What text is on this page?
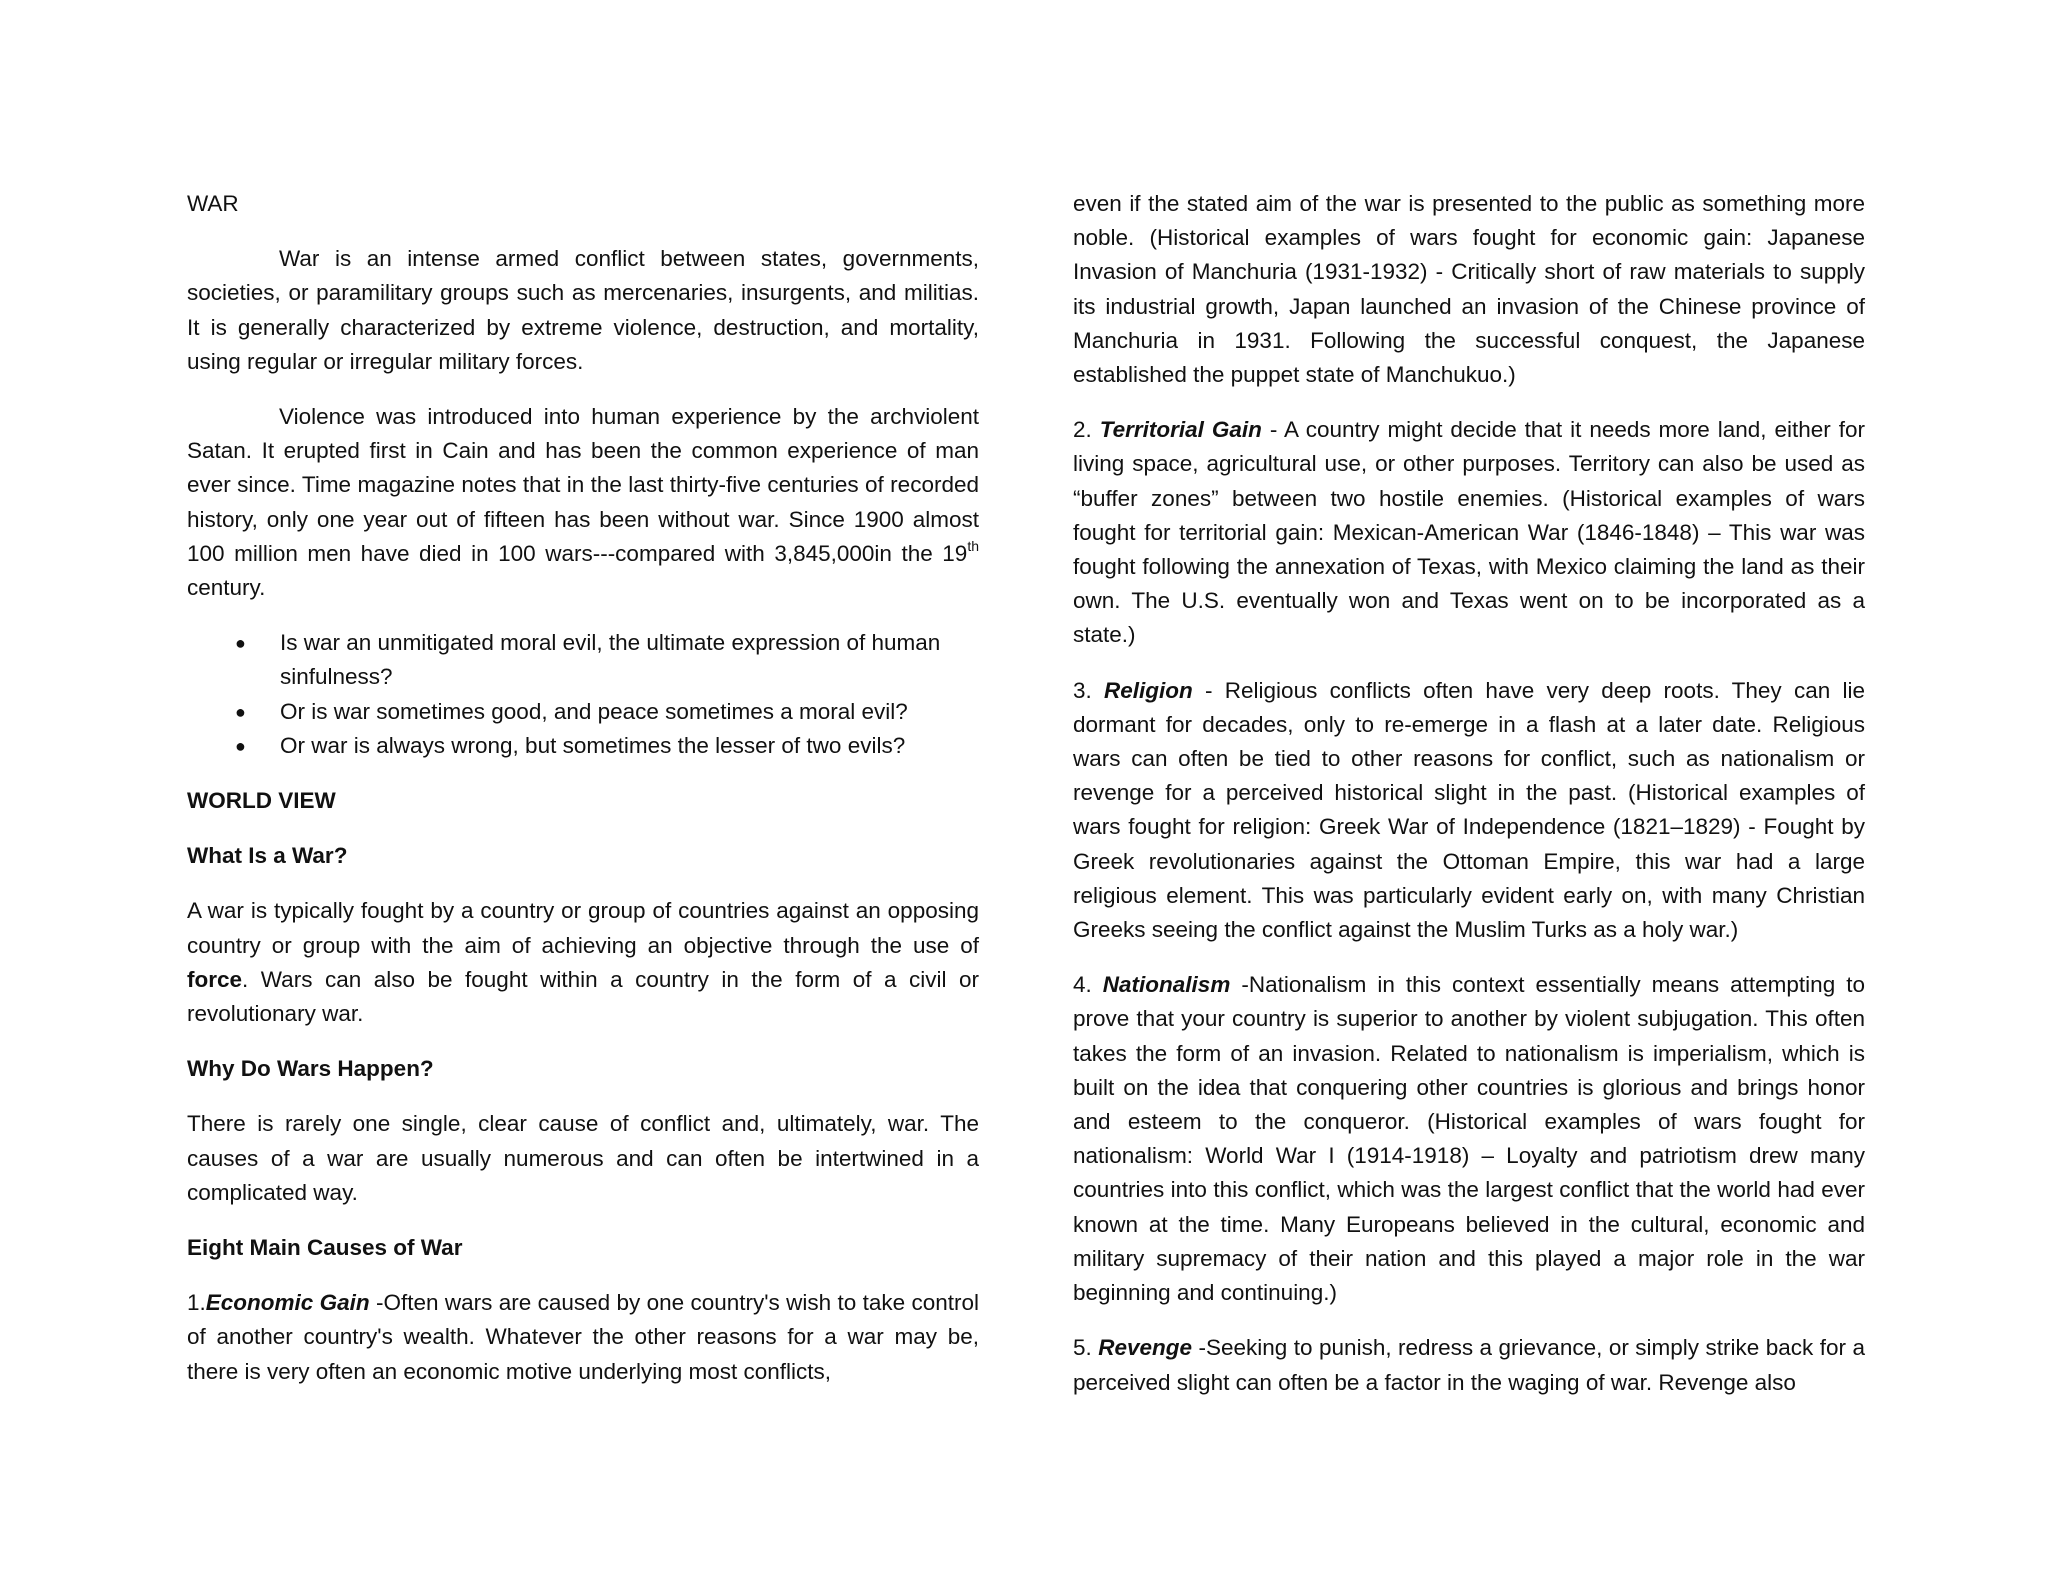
WAR

War is an intense armed conflict between states, governments, societies, or paramilitary groups such as mercenaries, insurgents, and militias. It is generally characterized by extreme violence, destruction, and mortality, using regular or irregular military forces.

Violence was introduced into human experience by the archviolent Satan. It erupted first in Cain and has been the common experience of man ever since. Time magazine notes that in the last thirty-five centuries of recorded history, only one year out of fifteen has been without war. Since 1900 almost 100 million men have died in 100 wars---compared with 3,845,000in the 19th century.

● Is war an unmitigated moral evil, the ultimate expression of human sinfulness?
● Or is war sometimes good, and peace sometimes a moral evil?
● Or war is always wrong, but sometimes the lesser of two evils?

WORLD VIEW

What Is a War?

A war is typically fought by a country or group of countries against an opposing country or group with the aim of achieving an objective through the use of force. Wars can also be fought within a country in the form of a civil or revolutionary war.

Why Do Wars Happen?

There is rarely one single, clear cause of conflict and, ultimately, war. The causes of a war are usually numerous and can often be intertwined in a complicated way.

Eight Main Causes of War

1.Economic Gain -Often wars are caused by one country's wish to take control of another country's wealth. Whatever the other reasons for a war may be, there is very often an economic motive underlying most conflicts,

even if the stated aim of the war is presented to the public as something more noble. (Historical examples of wars fought for economic gain: Japanese Invasion of Manchuria (1931-1932) - Critically short of raw materials to supply its industrial growth, Japan launched an invasion of the Chinese province of Manchuria in 1931. Following the successful conquest, the Japanese established the puppet state of Manchukuo.)

2. Territorial Gain - A country might decide that it needs more land, either for living space, agricultural use, or other purposes. Territory can also be used as “buffer zones” between two hostile enemies. (Historical examples of wars fought for territorial gain: Mexican-American War (1846-1848) – This war was fought following the annexation of Texas, with Mexico claiming the land as their own. The U.S. eventually won and Texas went on to be incorporated as a state.)

3. Religion - Religious conflicts often have very deep roots. They can lie dormant for decades, only to re-emerge in a flash at a later date. Religious wars can often be tied to other reasons for conflict, such as nationalism or revenge for a perceived historical slight in the past. (Historical examples of wars fought for religion: Greek War of Independence (1821–1829) - Fought by Greek revolutionaries against the Ottoman Empire, this war had a large religious element. This was particularly evident early on, with many Christian Greeks seeing the conflict against the Muslim Turks as a holy war.)

4. Nationalism -Nationalism in this context essentially means attempting to prove that your country is superior to another by violent subjugation. This often takes the form of an invasion. Related to nationalism is imperialism, which is built on the idea that conquering other countries is glorious and brings honor and esteem to the conqueror. (Historical examples of wars fought for nationalism: World War I (1914-1918) – Loyalty and patriotism drew many countries into this conflict, which was the largest conflict that the world had ever known at the time. Many Europeans believed in the cultural, economic and military supremacy of their nation and this played a major role in the war beginning and continuing.)

5. Revenge -Seeking to punish, redress a grievance, or simply strike back for a perceived slight can often be a factor in the waging of war. Revenge also
